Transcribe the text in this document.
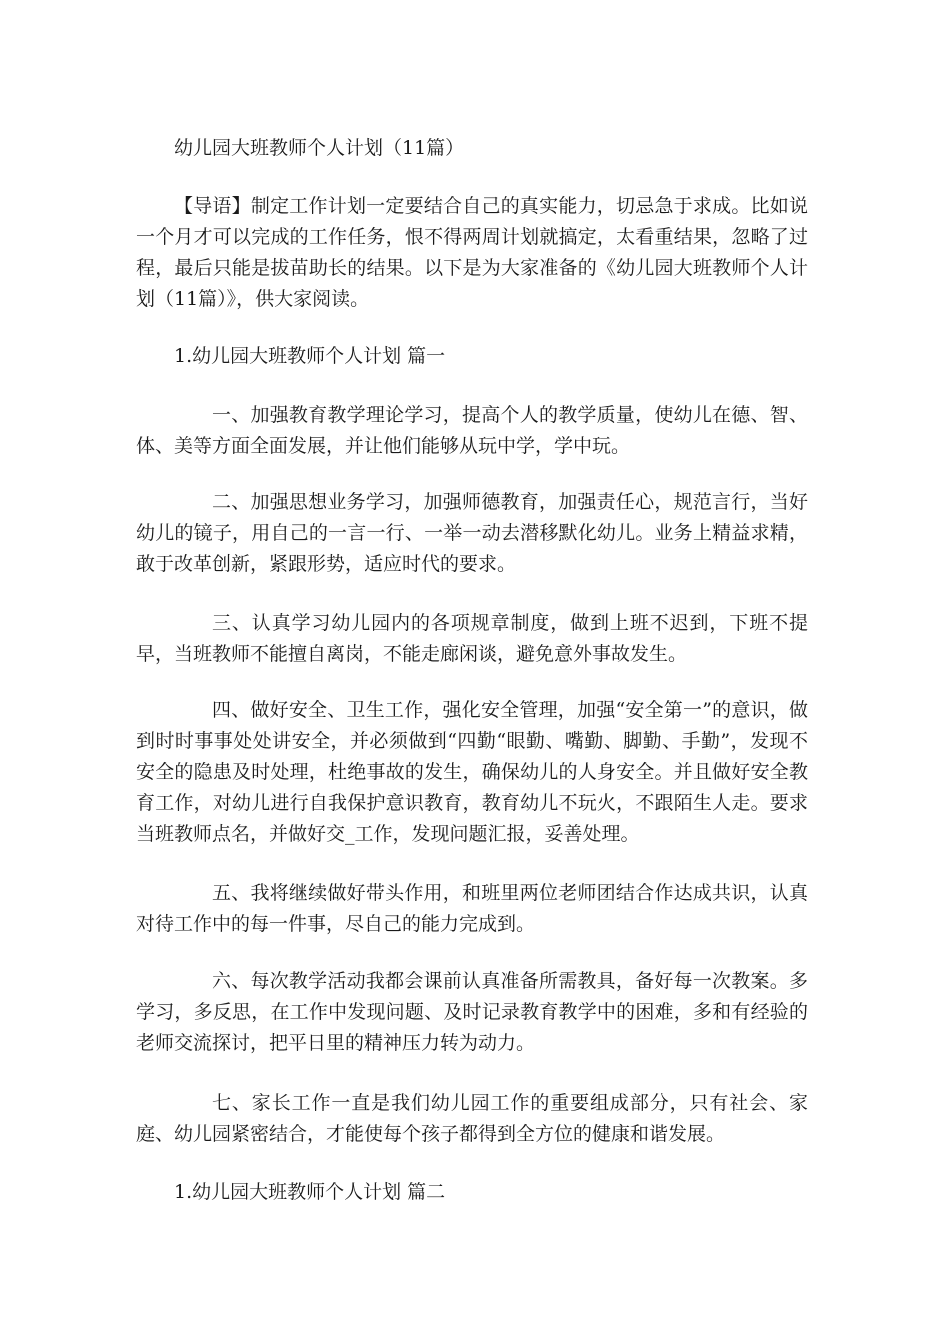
幼儿园大班教师个人计划（11篇）

【导语】制定工作计划一定要结合自己的真实能力，切忌急于求成。比如说一个月才可以完成的工作任务，恨不得两周计划就搞定，太看重结果，忽略了过程，最后只能是拔苗助长的结果。以下是为大家准备的《幼儿园大班教师个人计划（11篇）》，供大家阅读。

1.幼儿园大班教师个人计划 篇一

一、加强教育教学理论学习，提高个人的教学质量，使幼儿在德、智、体、美等方面全面发展，并让他们能够从玩中学，学中玩。

二、加强思想业务学习，加强师德教育，加强责任心，规范言行，当好幼儿的镜子，用自己的一言一行、一举一动去潜移默化幼儿。业务上精益求精，敢于改革创新，紧跟形势，适应时代的要求。

三、认真学习幼儿园内的各项规章制度，做到上班不迟到，下班不提早，当班教师不能擅自离岗，不能走廊闲谈，避免意外事故发生。

四、做好安全、卫生工作，强化安全管理，加强“安全第一”的意识，做到时时事事处处讲安全，并必须做到“四勤“眼勤、嘴勤、脚勤、手勤”，发现不安全的隐患及时处理，杜绝事故的发生，确保幼儿的人身安全。并且做好安全教育工作，对幼儿进行自我保护意识教育，教育幼儿不玩火，不跟陌生人走。要求当班教师点名，并做好交_工作，发现问题汇报，妥善处理。

五、我将继续做好带头作用，和班里两位老师团结合作达成共识，认真对待工作中的每一件事，尽自己的能力完成到。

六、每次教学活动我都会课前认真准备所需教具，备好每一次教案。多学习，多反思，在工作中发现问题、及时记录教育教学中的困难，多和有经验的老师交流探讨，把平日里的精神压力转为动力。

七、家长工作一直是我们幼儿园工作的重要组成部分，只有社会、家庭、幼儿园紧密结合，才能使每个孩子都得到全方位的健康和谐发展。

1.幼儿园大班教师个人计划 篇二
